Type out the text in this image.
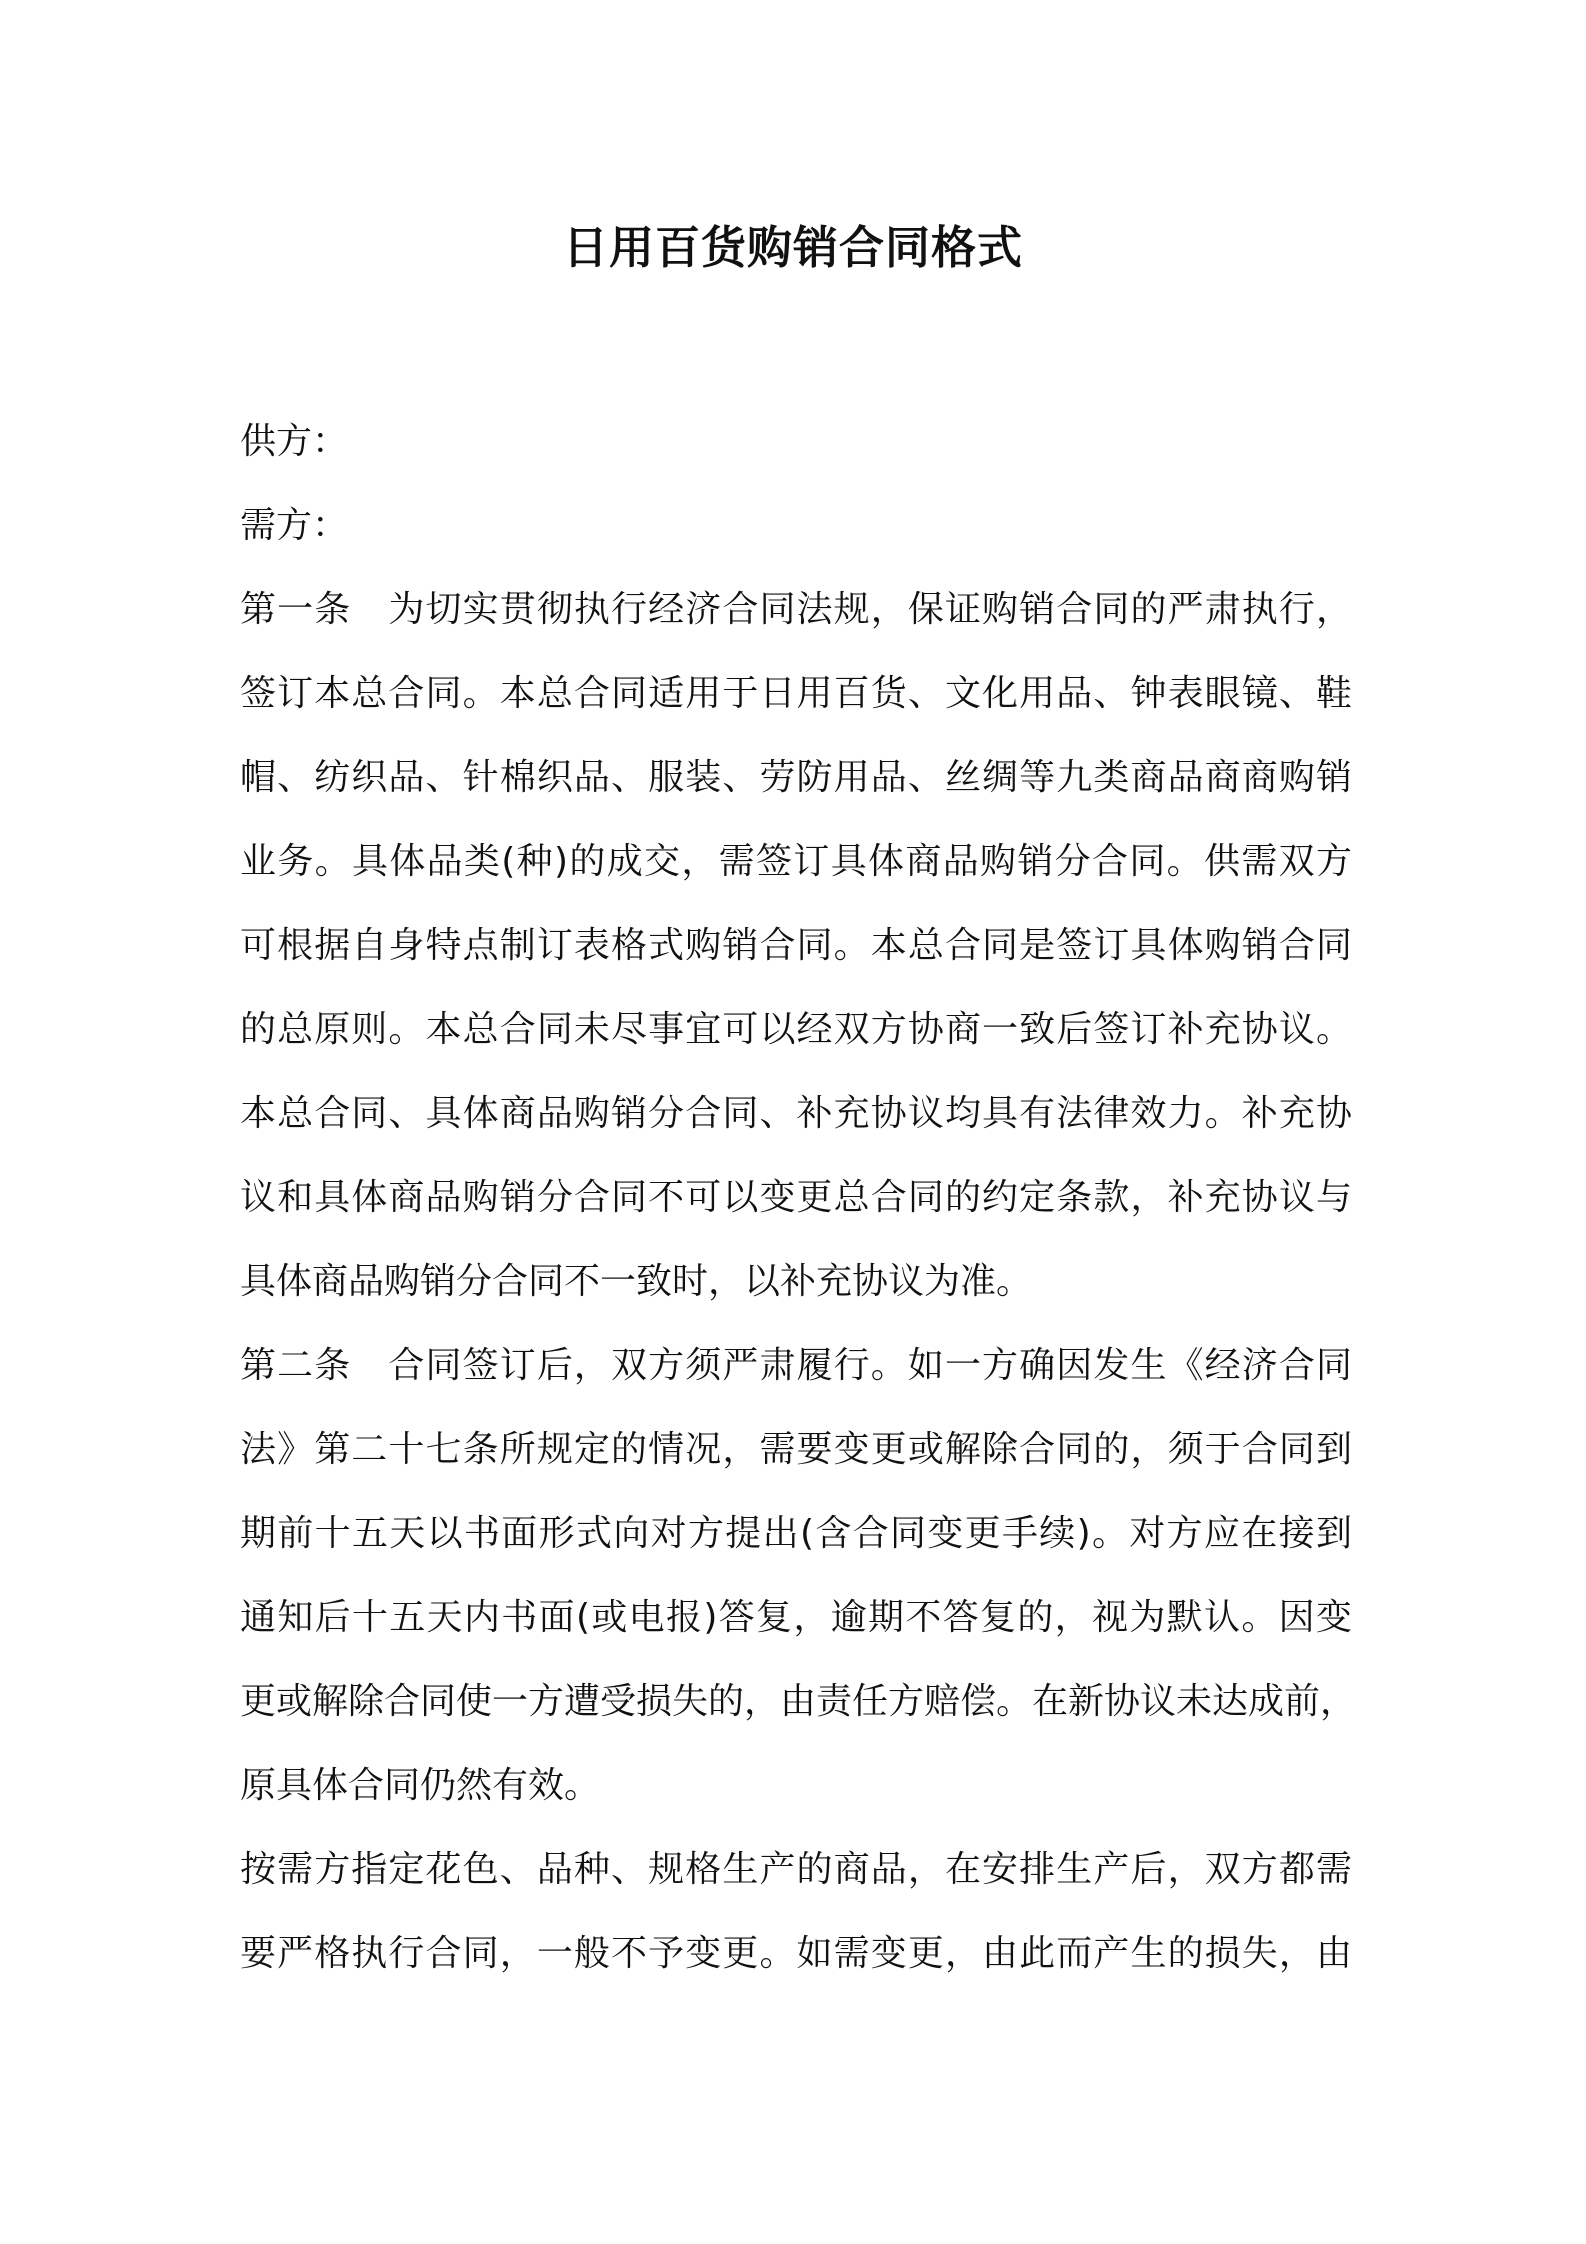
日用百货购销合同格式
供方：
需方：
第一条　为切实贯彻执行经济合同法规，保证购销合同的严肃执行，
签订本总合同。本总合同适用于日用百货、文化用品、钟表眼镜、鞋
帽、纺织品、针棉织品、服装、劳防用品、丝绸等九类商品商商购销
业务。具体品类(种)的成交，需签订具体商品购销分合同。供需双方
可根据自身特点制订表格式购销合同。本总合同是签订具体购销合同
的总原则。本总合同未尽事宜可以经双方协商一致后签订补充协议。
本总合同、具体商品购销分合同、补充协议均具有法律效力。补充协
议和具体商品购销分合同不可以变更总合同的约定条款，补充协议与
具体商品购销分合同不一致时，以补充协议为准。
第二条　合同签订后，双方须严肃履行。如一方确因发生《经济合同
法》第二十七条所规定的情况，需要变更或解除合同的，须于合同到
期前十五天以书面形式向对方提出(含合同变更手续)。对方应在接到
通知后十五天内书面(或电报)答复，逾期不答复的，视为默认。因变
更或解除合同使一方遭受损失的，由责任方赔偿。在新协议未达成前，
原具体合同仍然有效。
按需方指定花色、品种、规格生产的商品，在安排生产后，双方都需
要严格执行合同，一般不予变更。如需变更，由此而产生的损失，由
